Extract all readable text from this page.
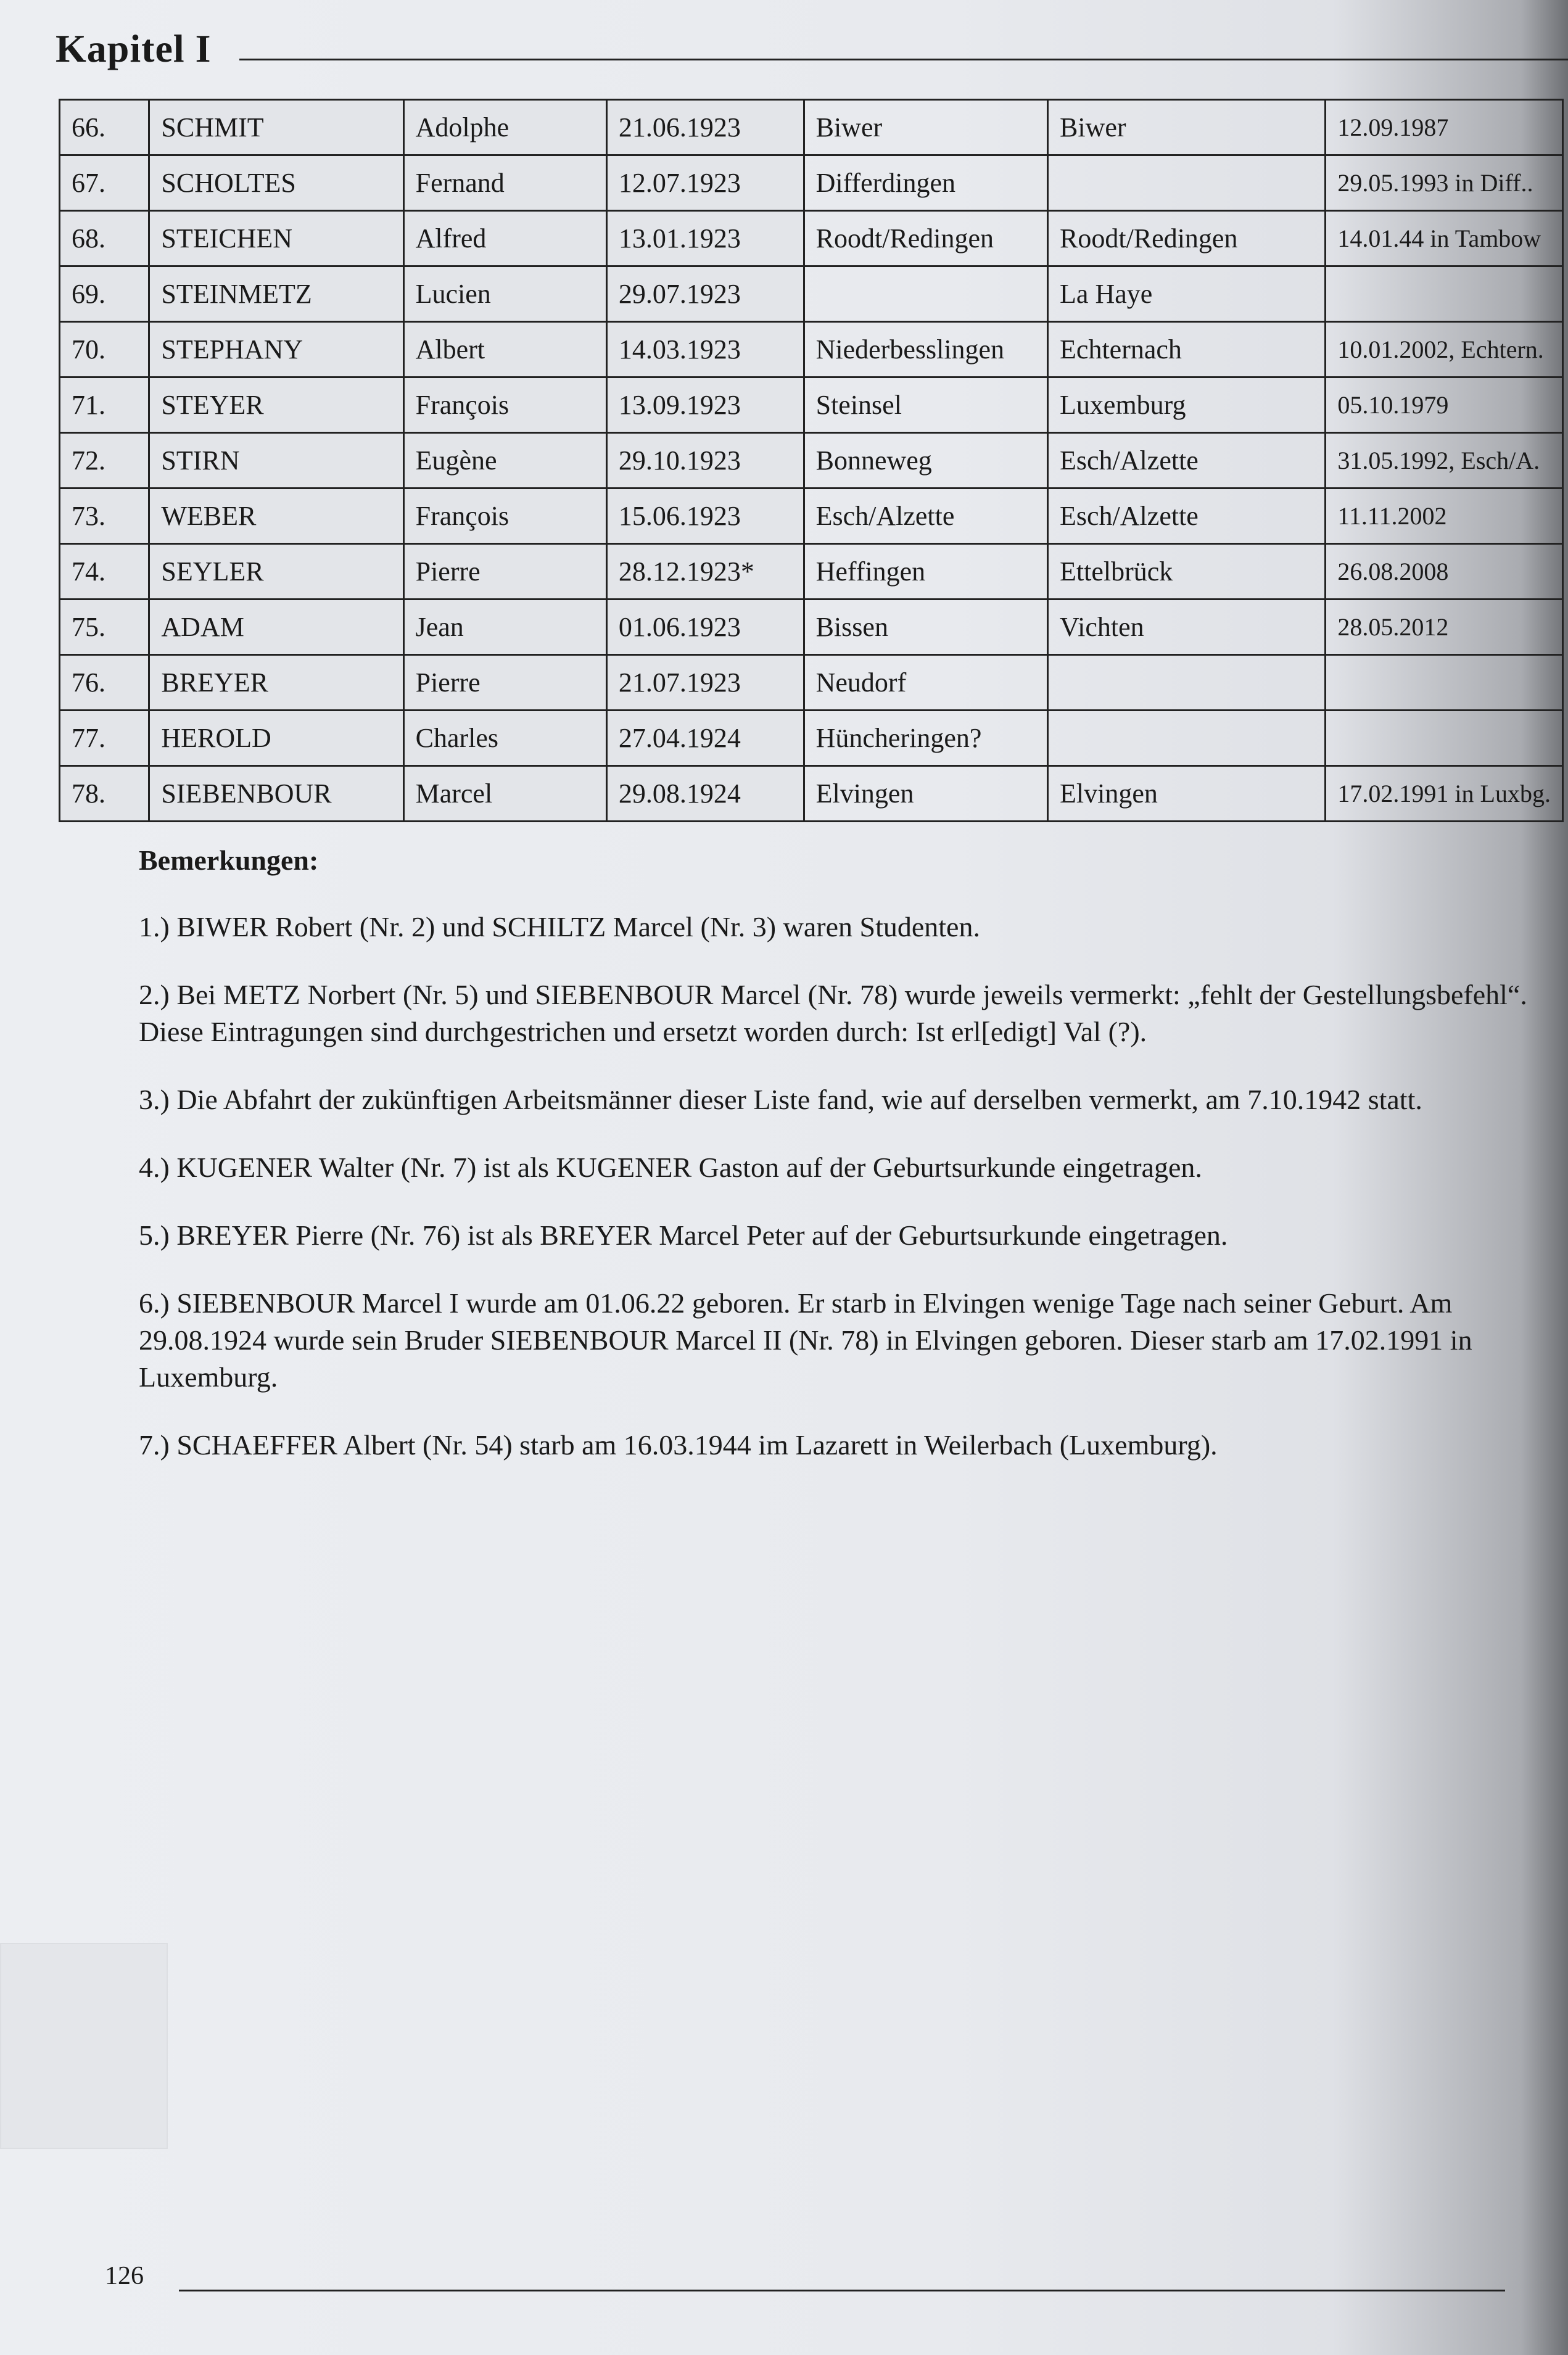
Kapitel I
66.	SCHMIT	Adolphe	21.06.1923	Biwer	Biwer	12.09.1987
67.	SCHOLTES	Fernand	12.07.1923	Differdingen		29.05.1993 in Diff..
68.	STEICHEN	Alfred	13.01.1923	Roodt/Redingen	Roodt/Redingen	14.01.44 in Tambow
69.	STEINMETZ	Lucien	29.07.1923		La Haye	
70.	STEPHANY	Albert	14.03.1923	Niederbesslingen	Echternach	10.01.2002, Echtern.
71.	STEYER	François	13.09.1923	Steinsel	Luxemburg	05.10.1979
72.	STIRN	Eugène	29.10.1923	Bonneweg	Esch/Alzette	31.05.1992, Esch/A.
73.	WEBER	François	15.06.1923	Esch/Alzette	Esch/Alzette	11.11.2002
74.	SEYLER	Pierre	28.12.1923*	Heffingen	Ettelbrück	26.08.2008
75.	ADAM	Jean	01.06.1923	Bissen	Vichten	28.05.2012
76.	BREYER	Pierre	21.07.1923	Neudorf		
77.	HEROLD	Charles	27.04.1924	Hüncheringen?		
78.	SIEBENBOUR	Marcel	29.08.1924	Elvingen	Elvingen	17.02.1991 in Luxbg.
Bemerkungen:
1.) BIWER Robert (Nr. 2) und SCHILTZ Marcel (Nr. 3) waren Studenten.
2.) Bei METZ Norbert (Nr. 5) und SIEBENBOUR Marcel (Nr. 78) wurde jeweils vermerkt: „fehlt der Gestellungsbefehl“. Diese Eintragungen sind durchgestrichen und ersetzt worden durch: Ist erl[edigt] Val (?).
3.) Die Abfahrt der zukünftigen Arbeitsmänner dieser Liste fand, wie auf derselben vermerkt, am 7.10.1942 statt.
4.) KUGENER Walter (Nr. 7) ist als KUGENER Gaston auf der Geburtsurkunde eingetragen.
5.) BREYER Pierre (Nr. 76) ist als BREYER Marcel Peter auf der Geburtsurkunde eingetragen.
6.) SIEBENBOUR Marcel I wurde am 01.06.22 geboren. Er starb in Elvingen wenige Tage nach seiner Geburt. Am 29.08.1924 wurde sein Bruder SIEBENBOUR Marcel II (Nr. 78) in Elvingen geboren. Dieser starb am 17.02.1991 in Luxemburg.
7.) SCHAEFFER Albert (Nr. 54) starb am 16.03.1944 im Lazarett in Weilerbach (Luxemburg).
126
